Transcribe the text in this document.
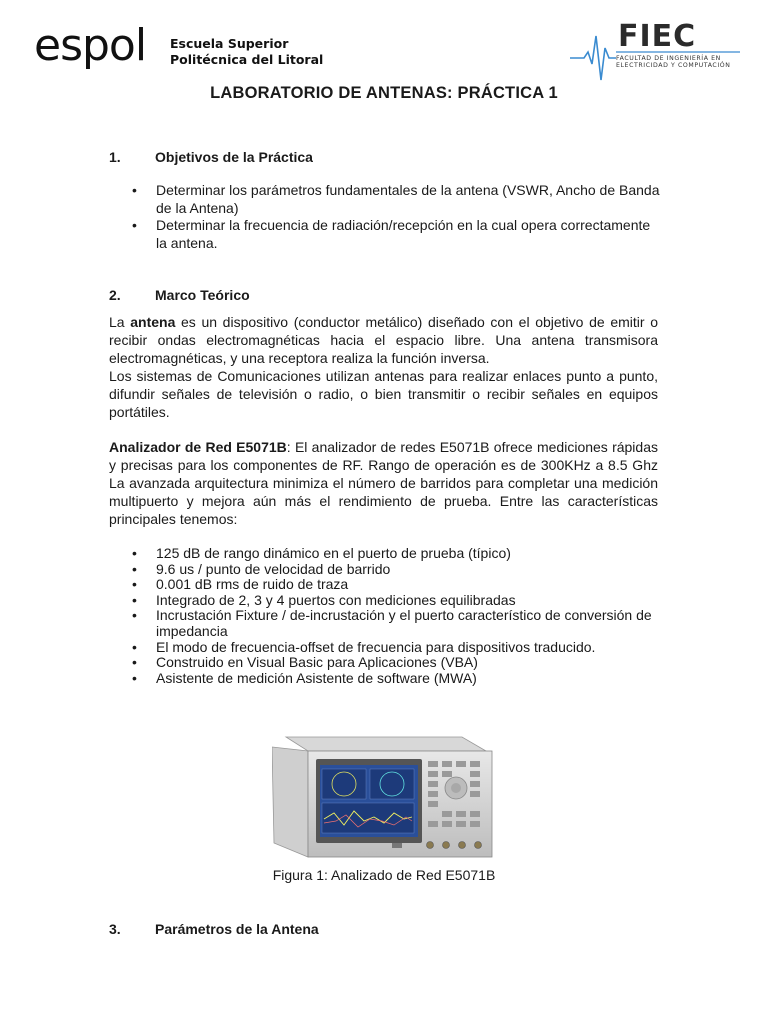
espol Escuela Superior
Politécnica del Litoral
FIEC
FACULTAD DE INGENIERÍA EN
ELECTRICIDAD Y COMPUTACIÓN
LABORATORIO DE ANTENAS: PRÁCTICA 1
1. Objetivos de la Práctica
• Determinar los parámetros fundamentales de la antena (VSWR, Ancho de Banda de la Antena)
• Determinar la frecuencia de radiación/recepción en la cual opera correctamente la antena.
2. Marco Teórico
La antena es un dispositivo (conductor metálico) diseñado con el objetivo de emitir o recibir ondas electromagnéticas hacia el espacio libre. Una antena transmisora electromagnéticas, y una receptora realiza la función inversa.
Los sistemas de Comunicaciones utilizan antenas para realizar enlaces punto a punto, difundir señales de televisión o radio, o bien transmitir o recibir señales en equipos portátiles.
Analizador de Red E5071B: El analizador de redes E5071B ofrece mediciones rápidas y precisas para los componentes de RF. Rango de operación es de 300KHz a 8.5 Ghz La avanzada arquitectura minimiza el número de barridos para completar una medición multipuerto y mejora aún más el rendimiento de prueba. Entre las características principales tenemos:
• 125 dB de rango dinámico en el puerto de prueba (típico)
• 9.6 us / punto de velocidad de barrido
• 0.001 dB rms de ruido de traza
• Integrado de 2, 3 y 4 puertos con mediciones equilibradas
• Incrustación Fixture / de-incrustación y el puerto característico de conversión de impedancia
• El modo de frecuencia-offset de frecuencia para dispositivos traducido.
• Construido en Visual Basic para Aplicaciones (VBA)
• Asistente de medición Asistente de software (MWA)
Figura 1: Analizado de Red E5071B
3. Parámetros de la Antena
